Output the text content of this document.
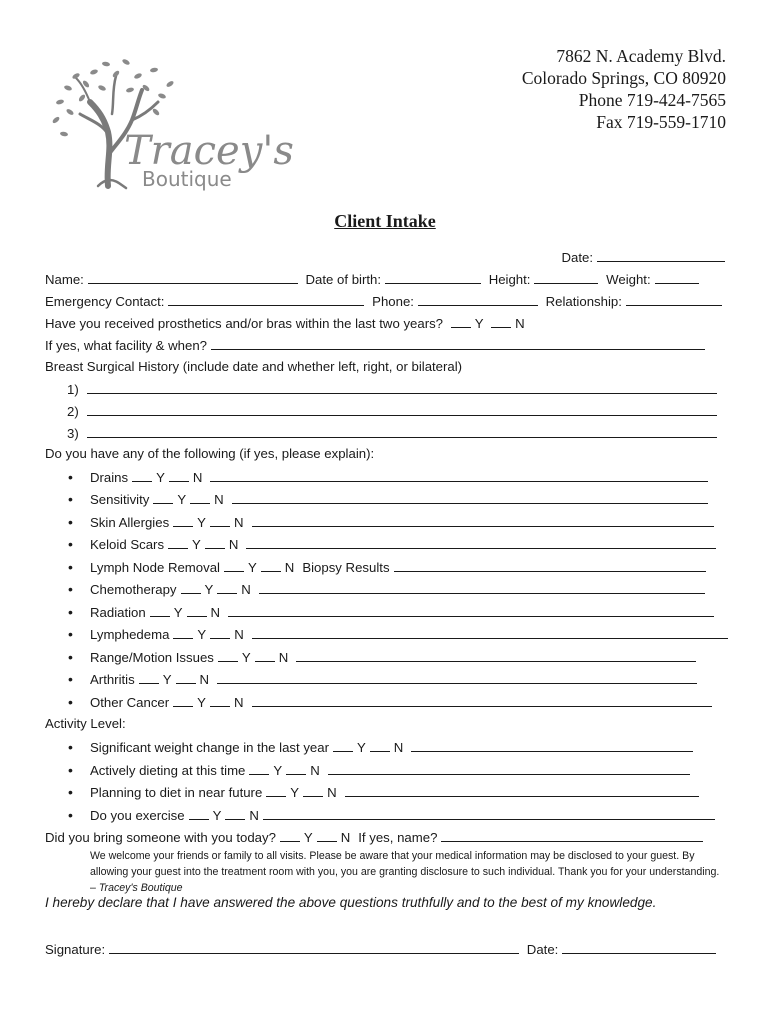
Tracey's
Boutique
7862 N. Academy Blvd.
Colorado Springs, CO 80920
Phone 719-424-7565
Fax 719-559-1710
Client Intake
Date:
Name:	Date of birth:	Height:	Weight:
Emergency Contact:	Phone:	Relationship:
Have you received prosthetics and/or bras within the last two years? Y N
If yes, what facility & when?
Breast Surgical History (include date and whether left, right, or bilateral)
1)
2)
3)
Do you have any of the following (if yes, please explain):
• Drains Y N
• Sensitivity Y N
• Skin Allergies Y N
• Keloid Scars Y N
• Lymph Node Removal Y N Biopsy Results
• Chemotherapy Y N
• Radiation Y N
• Lymphedema Y N
• Range/Motion Issues Y N
• Arthritis Y N
• Other Cancer Y N
Activity Level:
• Significant weight change in the last year Y N
• Actively dieting at this time Y N
• Planning to diet in near future Y N
• Do you exercise Y N
Did you bring someone with you today? Y N If yes, name?
We welcome your friends or family to all visits. Please be aware that your medical information may be disclosed to your guest. By allowing your guest into the treatment room with you, you are granting disclosure to such individual. Thank you for your understanding. – Tracey's Boutique
I hereby declare that I have answered the above questions truthfully and to the best of my knowledge.
Signature:	Date:
